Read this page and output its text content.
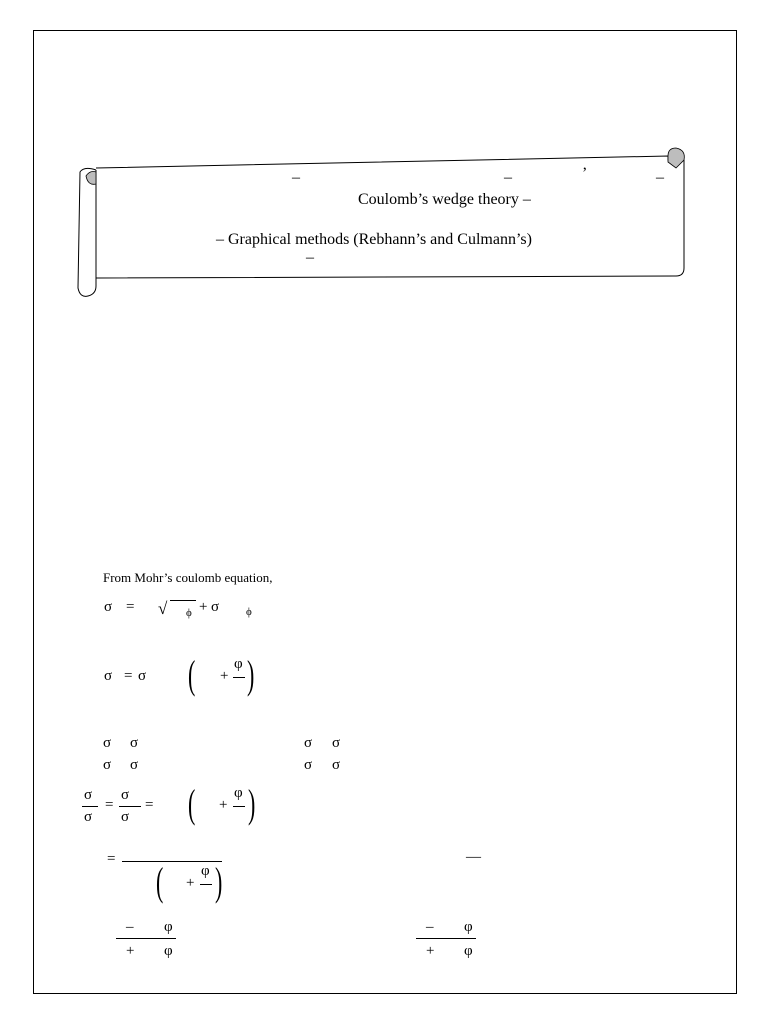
–	–	’	–
Coulomb’s wedge theory –
– Graphical methods (Rebhann’s and Culmann’s)
–
From Mohr’s coulomb equation,
σ = √ ϕ + σ ϕ
σ = σ ( +
φ )
σ σ	σ σ
σ σ	σ σ
σ
σ
=
σ
σ
= ( +
φ )
= ( +
φ )
—
– φ
+ φ
– φ
+ φ
